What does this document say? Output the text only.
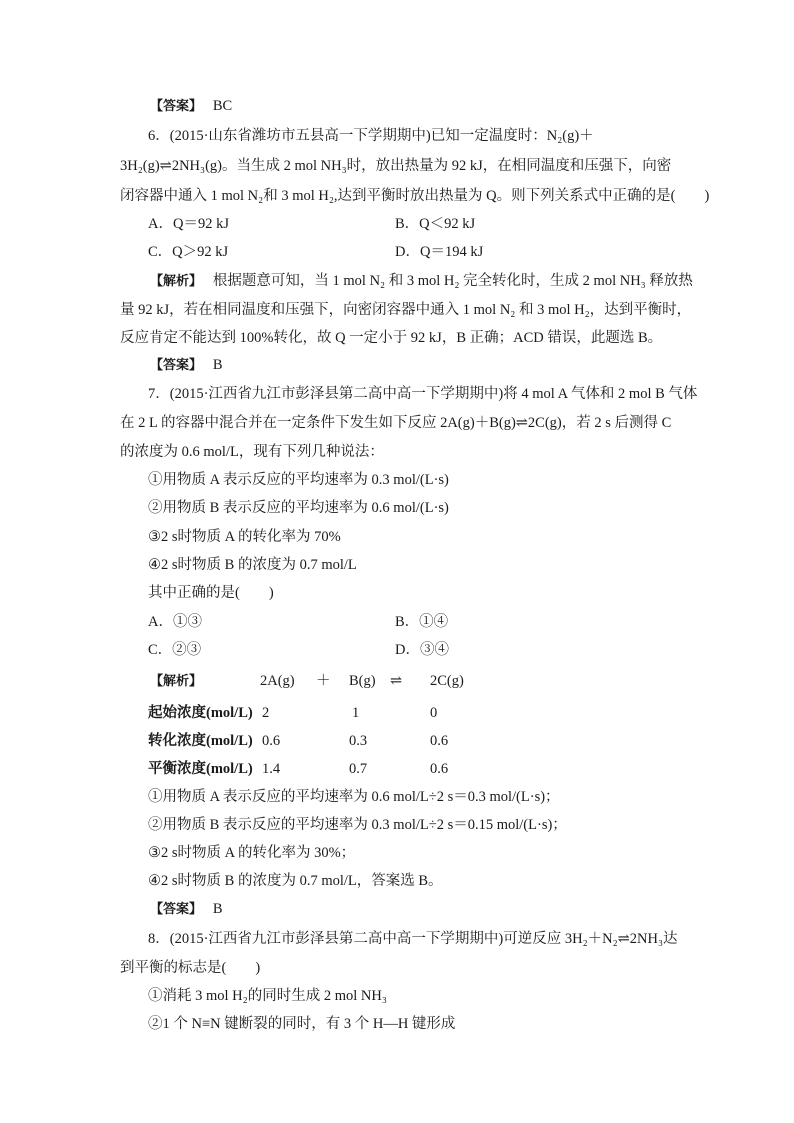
【答案】 BC
6．(2015·山东省潍坊市五县高一下学期期中)已知一定温度时：N₂(g)＋
3H₂(g)⇌2NH₃(g)。当生成 2 mol NH₃时，放出热量为 92 kJ，在相同温度和压强下，向密
闭容器中通入 1 mol N₂和 3 mol H₂,达到平衡时放出热量为 Q。则下列关系式中正确的是(　　)
A．Q＝92 kJ	B．Q＜92 kJ
C．Q＞92 kJ	D．Q＝194 kJ
【解析】 根据题意可知，当 1 mol N₂ 和 3 mol H₂ 完全转化时，生成 2 mol NH₃ 释放热
量 92 kJ，若在相同温度和压强下，向密闭容器中通入 1 mol N₂ 和 3 mol H₂，达到平衡时，
反应肯定不能达到 100%转化，故 Q 一定小于 92 kJ，B 正确；ACD 错误，此题选 B。
【答案】 B
7．(2015·江西省九江市彭泽县第二高中高一下学期期中)将 4 mol A 气体和 2 mol B 气体
在 2 L 的容器中混合并在一定条件下发生如下反应 2A(g)＋B(g)⇌2C(g)，若 2 s 后测得 C
的浓度为 0.6 mol/L，现有下列几种说法：
①用物质 A 表示反应的平均速率为 0.3 mol/(L·s)
②用物质 B 表示反应的平均速率为 0.6 mol/(L·s)
③2 s时物质 A 的转化率为 70%
④2 s时物质 B 的浓度为 0.7 mol/L
其中正确的是(　　)
A．①③	B．①④
C．②③	D．③④
【解析】	2A(g) ＋ B(g) ⇌ 2C(g)
起始浓度(mol/L) 2	1	0
转化浓度(mol/L) 0.6	0.3	0.6
平衡浓度(mol/L) 1.4	0.7	0.6
①用物质 A 表示反应的平均速率为 0.6 mol/L÷2 s＝0.3 mol/(L·s)；
②用物质 B 表示反应的平均速率为 0.3 mol/L÷2 s＝0.15 mol/(L·s)；
③2 s时物质 A 的转化率为 30%；
④2 s时物质 B 的浓度为 0.7 mol/L，答案选 B。
【答案】 B
8．(2015·江西省九江市彭泽县第二高中高一下学期期中)可逆反应 3H₂＋N₂⇌2NH₃达
到平衡的标志是(　　)
①消耗 3 mol H₂的同时生成 2 mol NH₃
②1 个 N≡N 键断裂的同时，有 3 个 H—H 键形成
